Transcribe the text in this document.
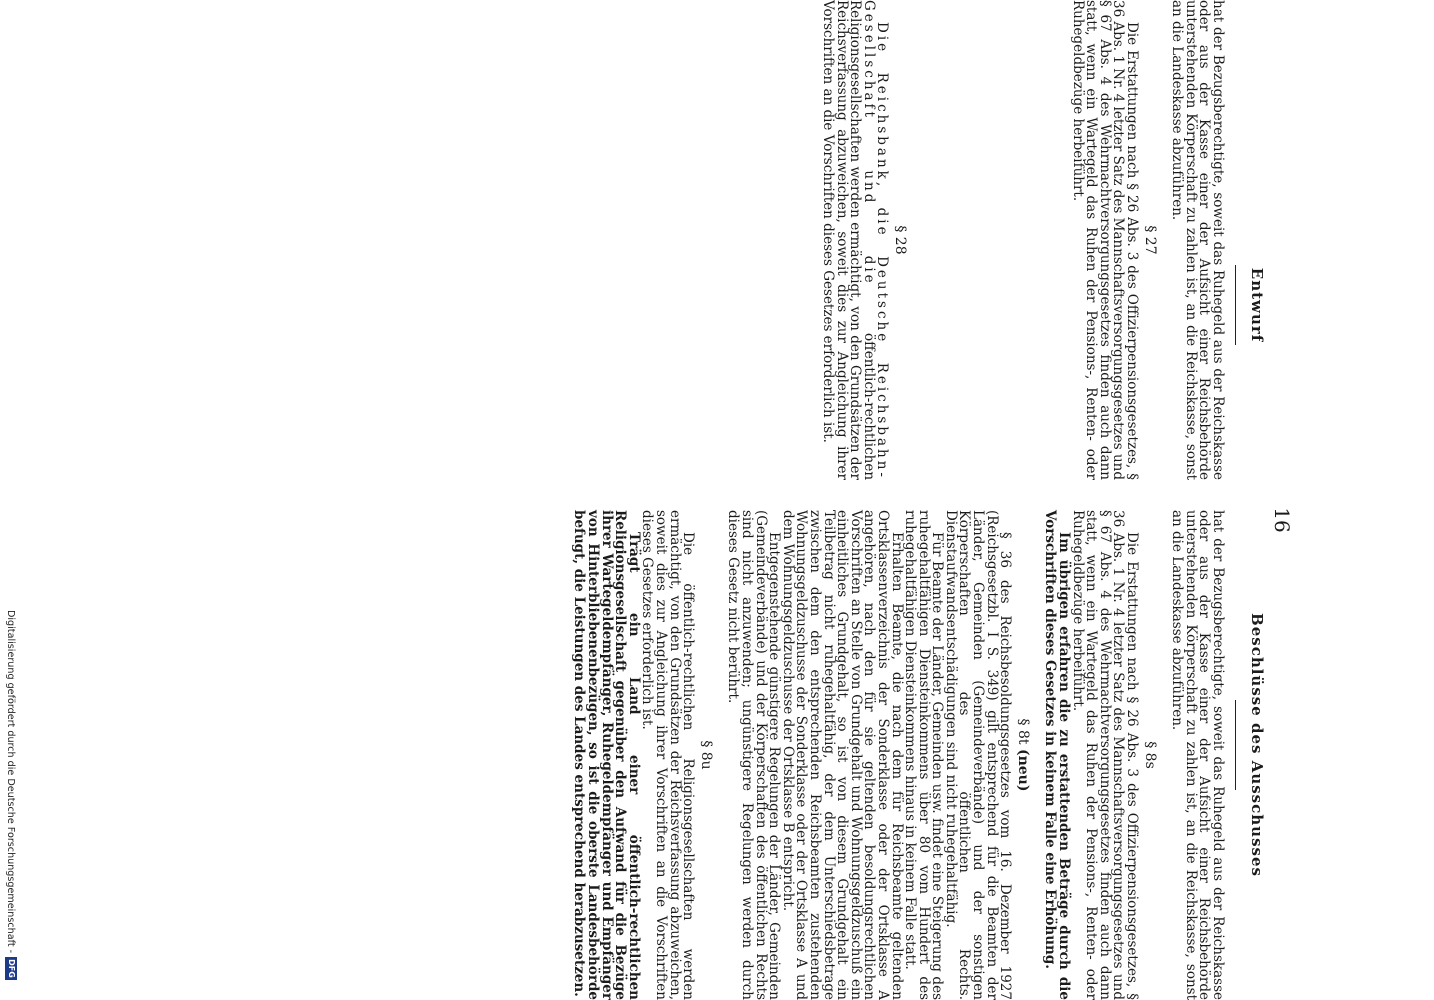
16
Entwurf
Beschlüsse des Ausschusses

hat der Bezugsberechtigte, soweit das Ruhegeld aus der Reichskasse oder aus der Kasse einer der Aufsicht einer Reichsbehörde unterstehenden Körperschaft zu zahlen ist, an die Reichskasse, sonst an die Landeskasse abzuführen.

§ 27

Die Erstattungen nach § 26 Abs. 3 des Offizierpensionsgesetzes, § 36 Abs. 1 Nr. 4 letzter Satz des Mannschaftsversorgungsgesetzes und § 67 Abs. 4 des Wehrmachtversorgungsgesetzes finden auch dann statt, wenn ein Wartegeld das Ruhen der Pensions-, Renten- oder Ruhegeldbezüge herbeiführt.

§ 28

Die Reichsbank, die Deutsche Reichsbahn-Gesellschaft und die öffentlich-rechtlichen Religionsgesellschaften werden ermächtigt, von den Grundsätzen der Reichsverfassung abzuweichen, soweit dies zur Angleichung ihrer Vorschriften an die Vorschriften dieses Gesetzes erforderlich ist.

hat der Bezugsberechtigte, soweit das Ruhegeld aus der Reichskasse oder aus der Kasse einer der Aufsicht einer Reichsbehörde unterstehenden Körperschaft zu zahlen ist, an die Reichskasse, sonst an die Landeskasse abzuführen.

§ 8s

Die Erstattungen nach § 26 Abs. 3 des Offizierpensionsgesetzes, § 36 Abs. 1 Nr. 4 letzter Satz des Mannschaftsversorgungsgesetzes und § 67 Abs. 4 des Wehrmachtversorgungsgesetzes finden auch dann statt, wenn ein Wartegeld das Ruhen der Pensions-, Renten- oder Ruhegeldbezüge herbeiführt.

Im übrigen erfahren die zu erstattenden Beträge durch die Vorschriften dieses Gesetzes in keinem Falle eine Erhöhung.

§ 8t (neu)

§ 36 des Reichsbesoldungsgesetzes vom 16. Dezember 1927 (Reichsgesetzbl. I S. 349) gilt entsprechend für die Beamten der Länder, Gemeinden (Gemeindeverbände) und der sonstigen Körperschaften des öffentlichen Rechts. Dienstaufwandsentschädigungen sind nicht ruhegehaltfähig.

Für Beamte der Länder, Gemeinden usw. findet eine Steigerung des ruhegehaltfähigen Diensteinkommens über 80 vom Hundert des ruhegehaltfähigen Diensteinkommens hinaus in keinem Falle statt.

Erhalten Beamte, die nach dem für Reichsbeamte geltenden Ortsklassenverzeichnis der Sonderklasse oder der Ortsklasse A angehören, nach den für sie geltenden besoldungsrechtlichen Vorschriften an Stelle von Grundgehalt und Wohnungsgeldzuschuß ein einheitliches Grundgehalt, so ist von diesem Grundgehalt ein Teilbetrag nicht ruhegehaltfähig, der dem Unterschiedsbetrage zwischen dem den entsprechenden Reichsbeamten zustehenden Wohnungsgeldzuschusse der Sonderklasse oder der Ortsklasse A und dem Wohnungsgeldzuschusse der Ortsklasse B entspricht.

Entgegenstehende günstigere Regelungen der Länder, Gemeinden (Gemeindeverbände) und der Körperschaften des öffentlichen Rechts sind nicht anzuwenden; ungünstigere Regelungen werden durch dieses Gesetz nicht berührt.

§ 8u

Die öffentlich-rechtlichen Religionsgesellschaften werden ermächtigt, von den Grundsätzen der Reichsverfassung abzuweichen, soweit dies zur Angleichung ihrer Vorschriften an die Vorschriften dieses Gesetzes erforderlich ist.

Trägt ein Land einer öffentlich-rechtlichen Religionsgesellschaft gegenüber den Aufwand für die Bezüge ihrer Wartegeldempfänger, Ruhegeldempfänger und Empfänger von Hinterbliebenenbezügen, so ist die oberste Landesbehörde befugt, die Leistungen des Landes entsprechend herabzusetzen.

Digitalisierung gefördert durch die Deutsche Forschungsgemeinschaft -
DFG
